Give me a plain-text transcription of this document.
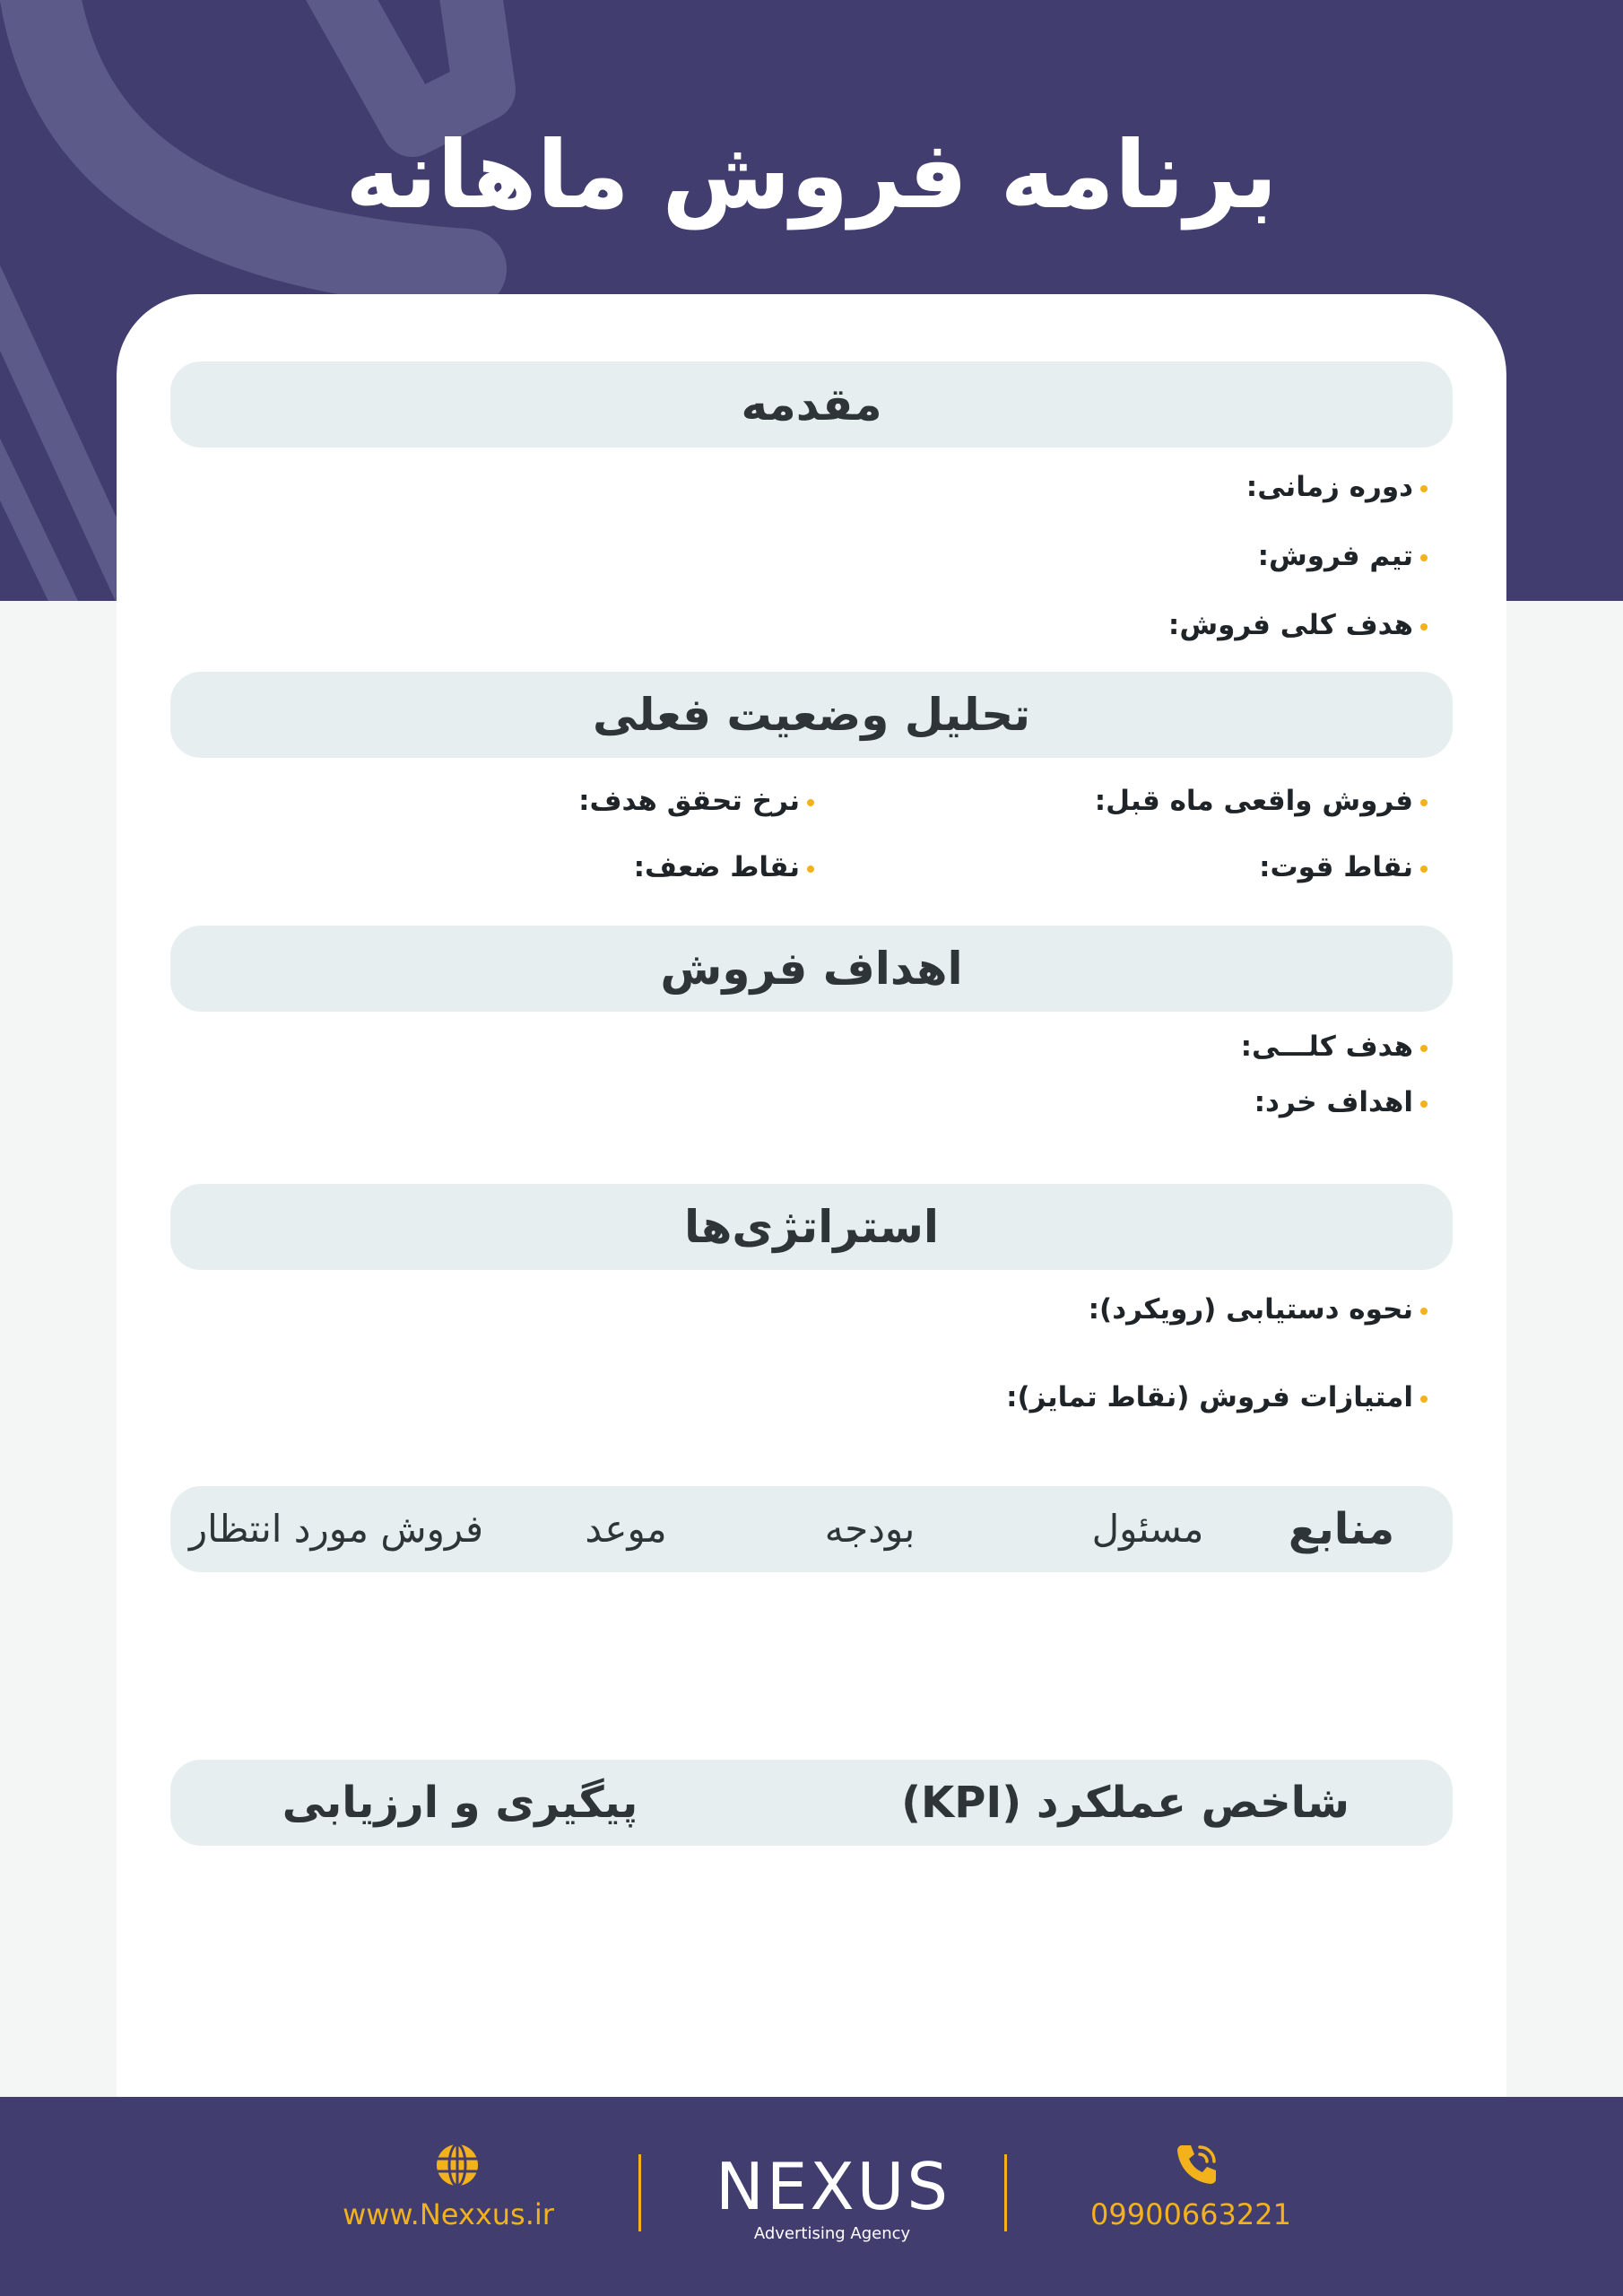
برنامه فروش ماهانه
مقدمه
دوره زمانی:
تیم فروش:
هدف کلی فروش:
تحلیل وضعیت فعلی
فروش واقعی ماه قبل:
نرخ تحقق هدف:
نقاط قوت:
نقاط ضعف:
اهداف فروش
هدف کلـــی:
اهداف خرد:
استراتژی‌ها
نحوه دستیابی (رویکرد):
امتیازات فروش (نقاط تمایز):
منابع
مسئول
بودجه
موعد
فروش مورد انتظار
شاخص عملکرد (KPI)
پیگیری و ارزیابی
www.Nexxus.ir	NEXUS
Advertising Agency
09900663221
